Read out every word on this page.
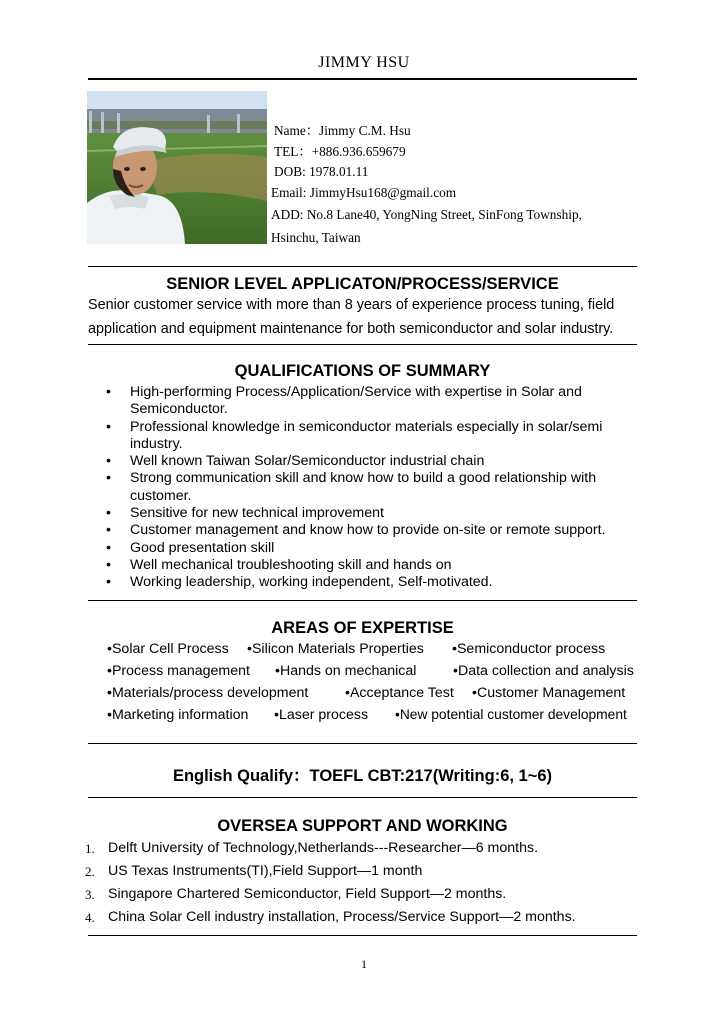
JIMMY HSU
Name：Jimmy C.M. Hsu
TEL：+886.936.659679
DOB: 1978.01.11
Email: JimmyHsu168@gmail.com
ADD: No.8 Lane40, YongNing Street, SinFong Township,
Hsinchu, Taiwan
SENIOR LEVEL APPLICATON/PROCESS/SERVICE
Senior customer service with more than 8 years of experience process tuning, field
application and equipment maintenance for both semiconductor and solar industry.
QUALIFICATIONS OF SUMMARY
• High-performing Process/Application/Service with expertise in Solar and
Semiconductor.
• Professional knowledge in semiconductor materials especially in solar/semi
industry.
• Well known Taiwan Solar/Semiconductor industrial chain
• Strong communication skill and know how to build a good relationship with
customer.
• Sensitive for new technical improvement
• Customer management and know how to provide on-site or remote support.
• Good presentation skill
• Well mechanical troubleshooting skill and hands on
• Working leadership, working independent, Self-motivated.
AREAS OF EXPERTISE
•Solar Cell Process •Silicon Materials Properties •Semiconductor process
•Process management •Hands on mechanical	•Data collection and analysis
•Materials/process development	•Acceptance Test •Customer Management
•Marketing information •Laser process •New potential customer development
English Qualify：TOEFL CBT:217(Writing:6, 1~6)
OVERSEA SUPPORT AND WORKING
1. Delft University of Technology,Netherlands---Researcher—6 months.
2. US Texas Instruments(TI),Field Support—1 month
3. Singapore Chartered Semiconductor, Field Support—2 months.
4. China Solar Cell industry installation, Process/Service Support—2 months.
1
